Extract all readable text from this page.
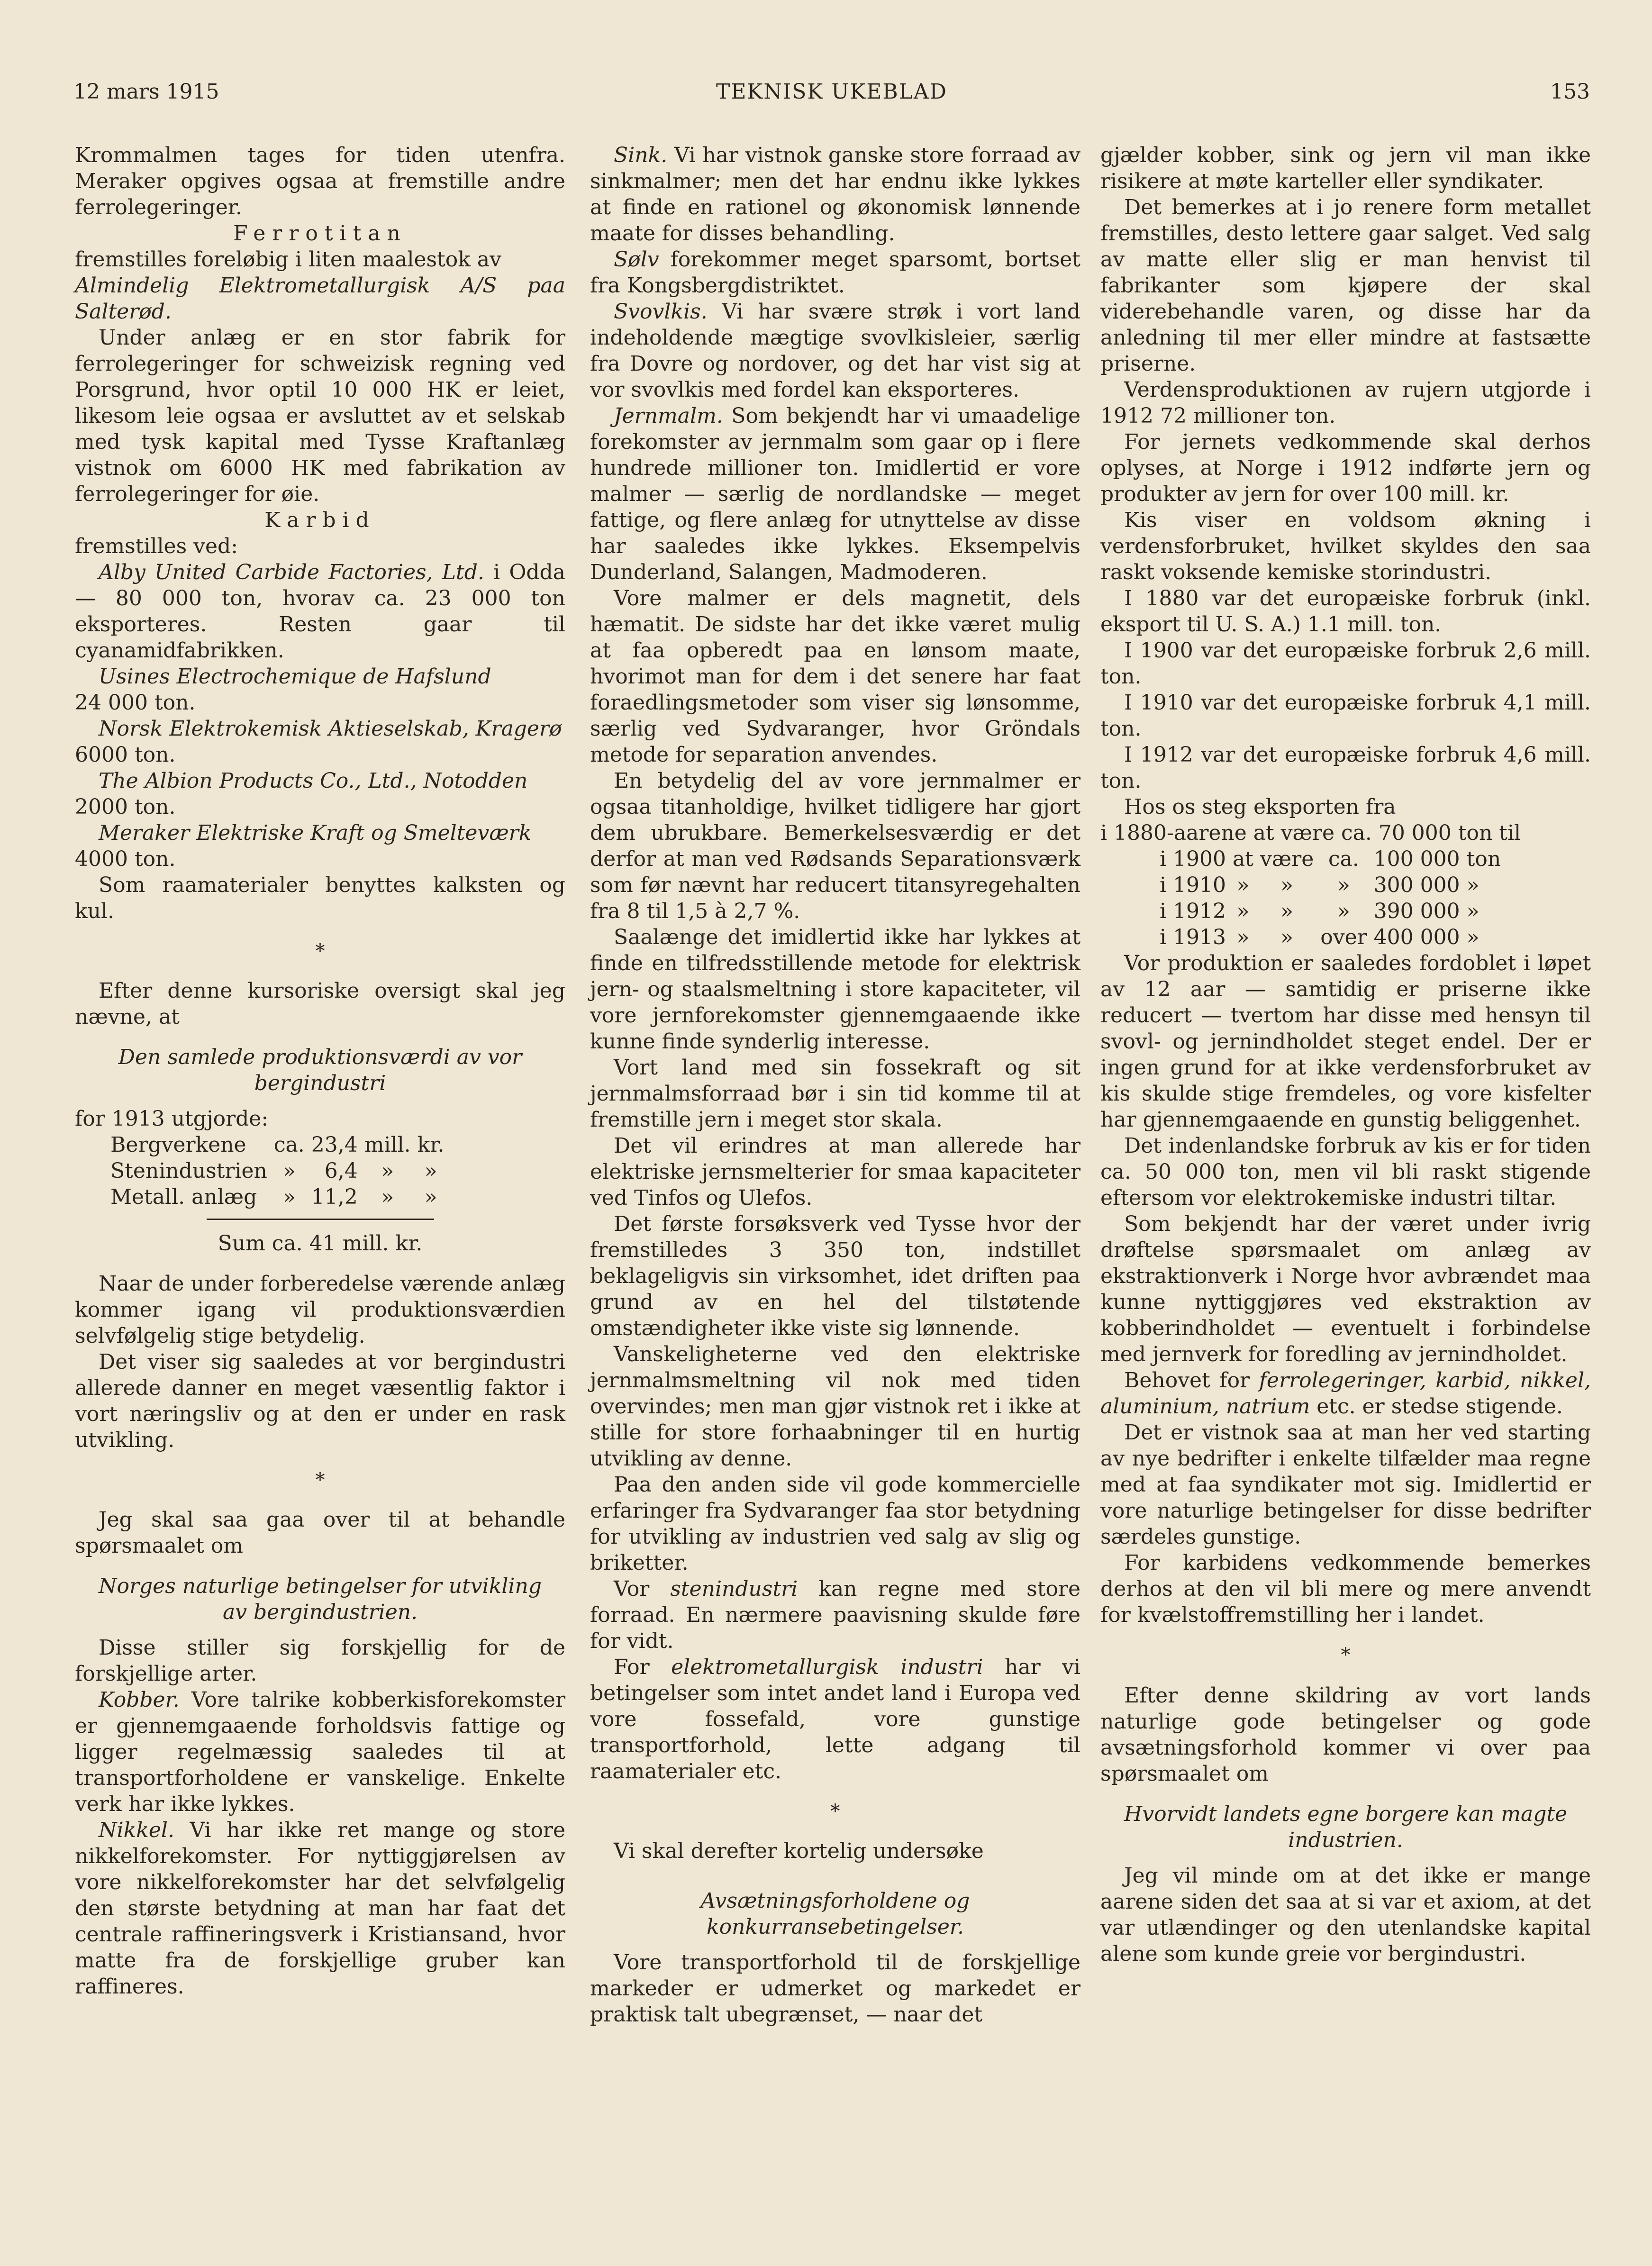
12 mars 1915	TEKNISK UKEBLAD	153

Krommalmen tages for tiden utenfra. Meraker opgives ogsaa at fremstille andre ferrolegeringer.

Ferrotitan

fremstilles foreløbig i liten maalestok av

Almindelig Elektrometallurgisk A/S paa Salterød.

Under anlæg er en stor fabrik for ferrolegeringer for schweizisk regning ved Porsgrund, hvor optil 10 000 HK er leiet, likesom leie ogsaa er avsluttet av et selskab med tysk kapital med Tysse Kraftanlæg vistnok om 6000 HK med fabrikation av ferrolegeringer for øie.

Karbid

fremstilles ved:

Alby United Carbide Factories, Ltd. i Odda — 80 000 ton, hvorav ca. 23 000 ton eksporteres. Resten gaar til cyanamidfabrikken.

Usines Electrochemique de Hafslund

24 000 ton.

Norsk Elektrokemisk Aktieselskab, Kragerø

6000 ton.

The Albion Products Co., Ltd., Notodden

2000 ton.

Meraker Elektriske Kraft og Smelteværk

4000 ton.

Som raamaterialer benyttes kalksten og kul.

*

Efter denne kursoriske oversigt skal jeg nævne, at

Den samlede produktionsværdi av vor bergindustri

for 1913 utgjorde:

Bergverkene	ca.	23,4	mill.	kr.
Stenindustrien	»	6,4	»	»
Metall. anlæg	»	11,2	»	»
Sum ca. 41 mill. kr.

Naar de under forberedelse værende anlæg kommer igang vil produktionsværdien selvfølgelig stige betydelig.

Det viser sig saaledes at vor bergindustri allerede danner en meget væsentlig faktor i vort næringsliv og at den er under en rask utvikling.

*

Jeg skal saa gaa over til at behandle spørsmaalet om

Norges naturlige betingelser for utvikling av bergindustrien.

Disse stiller sig forskjellig for de forskjellige arter.

Kobber. Vore talrike kobberkisforekomster er gjennemgaaende forholdsvis fattige og ligger regelmæssig saaledes til at transportforholdene er vanskelige. Enkelte verk har ikke lykkes.

Nikkel. Vi har ikke ret mange og store nikkelforekomster. For nyttiggjørelsen av vore nikkelforekomster har det selvfølgelig den største betydning at man har faat det centrale raffineringsverk i Kristiansand, hvor matte fra de forskjellige gruber kan raffineres.

Sink. Vi har vistnok ganske store forraad av sinkmalmer; men det har endnu ikke lykkes at finde en rationel og økonomisk lønnende maate for disses behandling.

Sølv forekommer meget sparsomt, bortset fra Kongsbergdistriktet.

Svovlkis. Vi har svære strøk i vort land indeholdende mægtige svovlkisleier, særlig fra Dovre og nordover, og det har vist sig at vor svovlkis med fordel kan eksporteres.

Jernmalm. Som bekjendt har vi umaadelige forekomster av jernmalm som gaar op i flere hundrede millioner ton. Imidlertid er vore malmer — særlig de nordlandske — meget fattige, og flere anlæg for utnyttelse av disse har saaledes ikke lykkes. Eksempelvis Dunderland, Salangen, Madmoderen.

Vore malmer er dels magnetit, dels hæmatit. De sidste har det ikke været mulig at faa opberedt paa en lønsom maate, hvorimot man for dem i det senere har faat foraedlingsmetoder som viser sig lønsomme, særlig ved Sydvaranger, hvor Gröndals metode for separation anvendes.

En betydelig del av vore jernmalmer er ogsaa titanholdige, hvilket tidligere har gjort dem ubrukbare. Bemerkelsesværdig er det derfor at man ved Rødsands Separationsværk som før nævnt har reducert titansyregehalten fra 8 til 1,5 à 2,7 %.

Saalænge det imidlertid ikke har lykkes at finde en tilfredsstillende metode for elektrisk jern- og staalsmeltning i store kapaciteter, vil vore jernforekomster gjennemgaaende ikke kunne finde synderlig interesse.

Vort land med sin fossekraft og sit jernmalmsforraad bør i sin tid komme til at fremstille jern i meget stor skala.

Det vil erindres at man allerede har elektriske jernsmelterier for smaa kapaciteter ved Tinfos og Ulefos.

Det første forsøksverk ved Tysse hvor der fremstilledes 3 350 ton, indstillet beklageligvis sin virksomhet, idet driften paa grund av en hel del tilstøtende omstændigheter ikke viste sig lønnende.

Vanskeligheterne ved den elektriske jernmalmsmeltning vil nok med tiden overvindes; men man gjør vistnok ret i ikke at stille for store forhaabninger til en hurtig utvikling av denne.

Paa den anden side vil gode kommercielle erfaringer fra Sydvaranger faa stor betydning for utvikling av industrien ved salg av slig og briketter.

Vor stenindustri kan regne med store forraad. En nærmere paavisning skulde føre for vidt.

For elektrometallurgisk industri har vi betingelser som intet andet land i Europa ved vore fossefald, vore gunstige transportforhold, lette adgang til raamaterialer etc.

*

Vi skal derefter kortelig undersøke

Avsætningsforholdene og konkurransebetingelser.

Vore transportforhold til de forskjellige markeder er udmerket og markedet er praktisk talt ubegrænset, — naar det

gjælder kobber, sink og jern vil man ikke risikere at møte karteller eller syndikater.

Det bemerkes at i jo renere form metallet fremstilles, desto lettere gaar salget. Ved salg av matte eller slig er man henvist til fabrikanter som kjøpere der skal viderebehandle varen, og disse har da anledning til mer eller mindre at fastsætte priserne.

Verdensproduktionen av rujern utgjorde i 1912 72 millioner ton.

For jernets vedkommende skal derhos oplyses, at Norge i 1912 indførte jern og produkter av jern for over 100 mill. kr.

Kis viser en voldsom økning i verdensforbruket, hvilket skyldes den saa raskt voksende kemiske storindustri.

I 1880 var det europæiske forbruk (inkl. eksport til U. S. A.) 1.1 mill. ton.

I 1900 var det europæiske forbruk 2,6 mill. ton.

I 1910 var det europæiske forbruk 4,1 mill. ton.

I 1912 var det europæiske forbruk 4,6 mill. ton.

Hos os steg eksporten fra

i 1880-aarene at være ca. 70 000 ton til

i 1900	at	være	ca.	100 000	ton
i 1910	»	»	»	300 000	»
i 1912	»	»	»	390 000	»
i 1913	»	»	over	400 000	»

Vor produktion er saaledes fordoblet i løpet av 12 aar — samtidig er priserne ikke reducert — tvertom har disse med hensyn til svovl- og jernindholdet steget endel. Der er ingen grund for at ikke verdensforbruket av kis skulde stige fremdeles, og vore kisfelter har gjennemgaaende en gunstig beliggenhet.

Det indenlandske forbruk av kis er for tiden ca. 50 000 ton, men vil bli raskt stigende eftersom vor elektrokemiske industri tiltar.

Som bekjendt har der været under ivrig drøftelse spørsmaalet om anlæg av ekstraktionverk i Norge hvor avbrændet maa kunne nyttiggjøres ved ekstraktion av kobberindholdet — eventuelt i forbindelse med jernverk for foredling av jernindholdet.

Behovet for ferrolegeringer, karbid, nikkel, aluminium, natrium etc. er stedse stigende.

Det er vistnok saa at man her ved starting av nye bedrifter i enkelte tilfælder maa regne med at faa syndikater mot sig. Imidlertid er vore naturlige betingelser for disse bedrifter særdeles gunstige.

For karbidens vedkommende bemerkes derhos at den vil bli mere og mere anvendt for kvælstoffremstilling her i landet.

*

Efter denne skildring av vort lands naturlige gode betingelser og gode avsætningsforhold kommer vi over paa spørsmaalet om

Hvorvidt landets egne borgere kan magte industrien.

Jeg vil minde om at det ikke er mange aarene siden det saa at si var et axiom, at det var utlændinger og den utenlandske kapital alene som kunde greie vor bergindustri.
